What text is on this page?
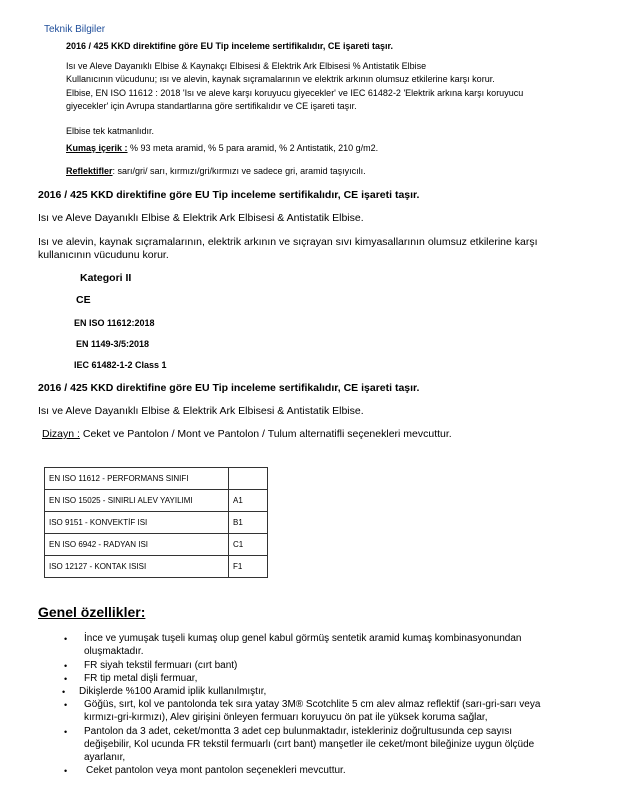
Teknik Bilgiler
2016 / 425 KKD direktifine göre EU Tip inceleme sertifikalıdır, CE işareti taşır.
Isı ve Aleve Dayanıklı Elbise & Kaynakçı Elbisesi & Elektrik Ark Elbisesi % Antistatik Elbise
Kullanıcının vücudunu; ısı ve alevin, kaynak sıçramalarının ve elektrik arkının olumsuz etkilerine karşı korur.
Elbise, EN ISO 11612 : 2018 'Isı ve aleve karşı koruyucu giyecekler' ve IEC 61482-2 'Elektrik arkına karşı koruyucu
giyecekler' için Avrupa standartlarına göre sertifikalıdır ve CE işareti taşır.
Elbise tek katmanlıdır.
Kumaş içerik : % 93 meta aramid, % 5 para aramid, % 2 Antistatik, 210 g/m2.
Reflektifler: sarı/gri/ sarı, kırmızı/gri/kırmızı ve sadece gri, aramid taşıyıcılı.
2016 / 425 KKD direktifine göre EU Tip inceleme sertifikalıdır, CE işareti taşır.
Isı ve Aleve Dayanıklı Elbise & Elektrik Ark Elbisesi & Antistatik Elbise.
Isı ve alevin, kaynak sıçramalarının, elektrik arkının ve sıçrayan sıvı kimyasallarının olumsuz etkilerine karşı
kullanıcının vücudunu korur.
Kategori II
CE
EN ISO 11612:2018
EN 1149-3/5:2018
IEC 61482-1-2 Class 1
2016 / 425 KKD direktifine göre EU Tip inceleme sertifikalıdır, CE işareti taşır.
Isı ve Aleve Dayanıklı Elbise & Elektrik Ark Elbisesi & Antistatik Elbise.
Dizayn : Ceket ve Pantolon / Mont ve Pantolon / Tulum alternatifli seçenekleri mevcuttur.
EN ISO 11612 - PERFORMANS SINIFI	
EN ISO 15025 - SINIRLI ALEV YAYILIMI	A1
ISO 9151 - KONVEKTİF ISI	B1
EN ISO 6942 - RADYAN ISI	C1
ISO 12127 - KONTAK ISISI	F1
Genel özellikler:
• İnce ve yumuşak tuşeli kumaş olup genel kabul görmüş sentetik aramid kumaş kombinasyonundan
oluşmaktadır.
• FR siyah tekstil fermuarı (cırt bant)
• FR tip metal dişli fermuar,
• Dikişlerde %100 Aramid iplik kullanılmıştır,
• Göğüs, sırt, kol ve pantolonda tek sıra yatay 3M® Scotchlite 5 cm alev almaz reflektif (sarı-gri-sarı veya
kırmızı-gri-kırmızı), Alev girişini önleyen fermuarı koruyucu ön pat ile yüksek koruma sağlar,
• Pantolon da 3 adet, ceket/montta 3 adet cep bulunmaktadır, istekleriniz doğrultusunda cep sayısı
değişebilir, Kol ucunda FR tekstil fermuarlı (cırt bant) manşetler ile ceket/mont bileğinize uygun ölçüde
ayarlanır,
• Ceket pantolon veya mont pantolon seçenekleri mevcuttur.
